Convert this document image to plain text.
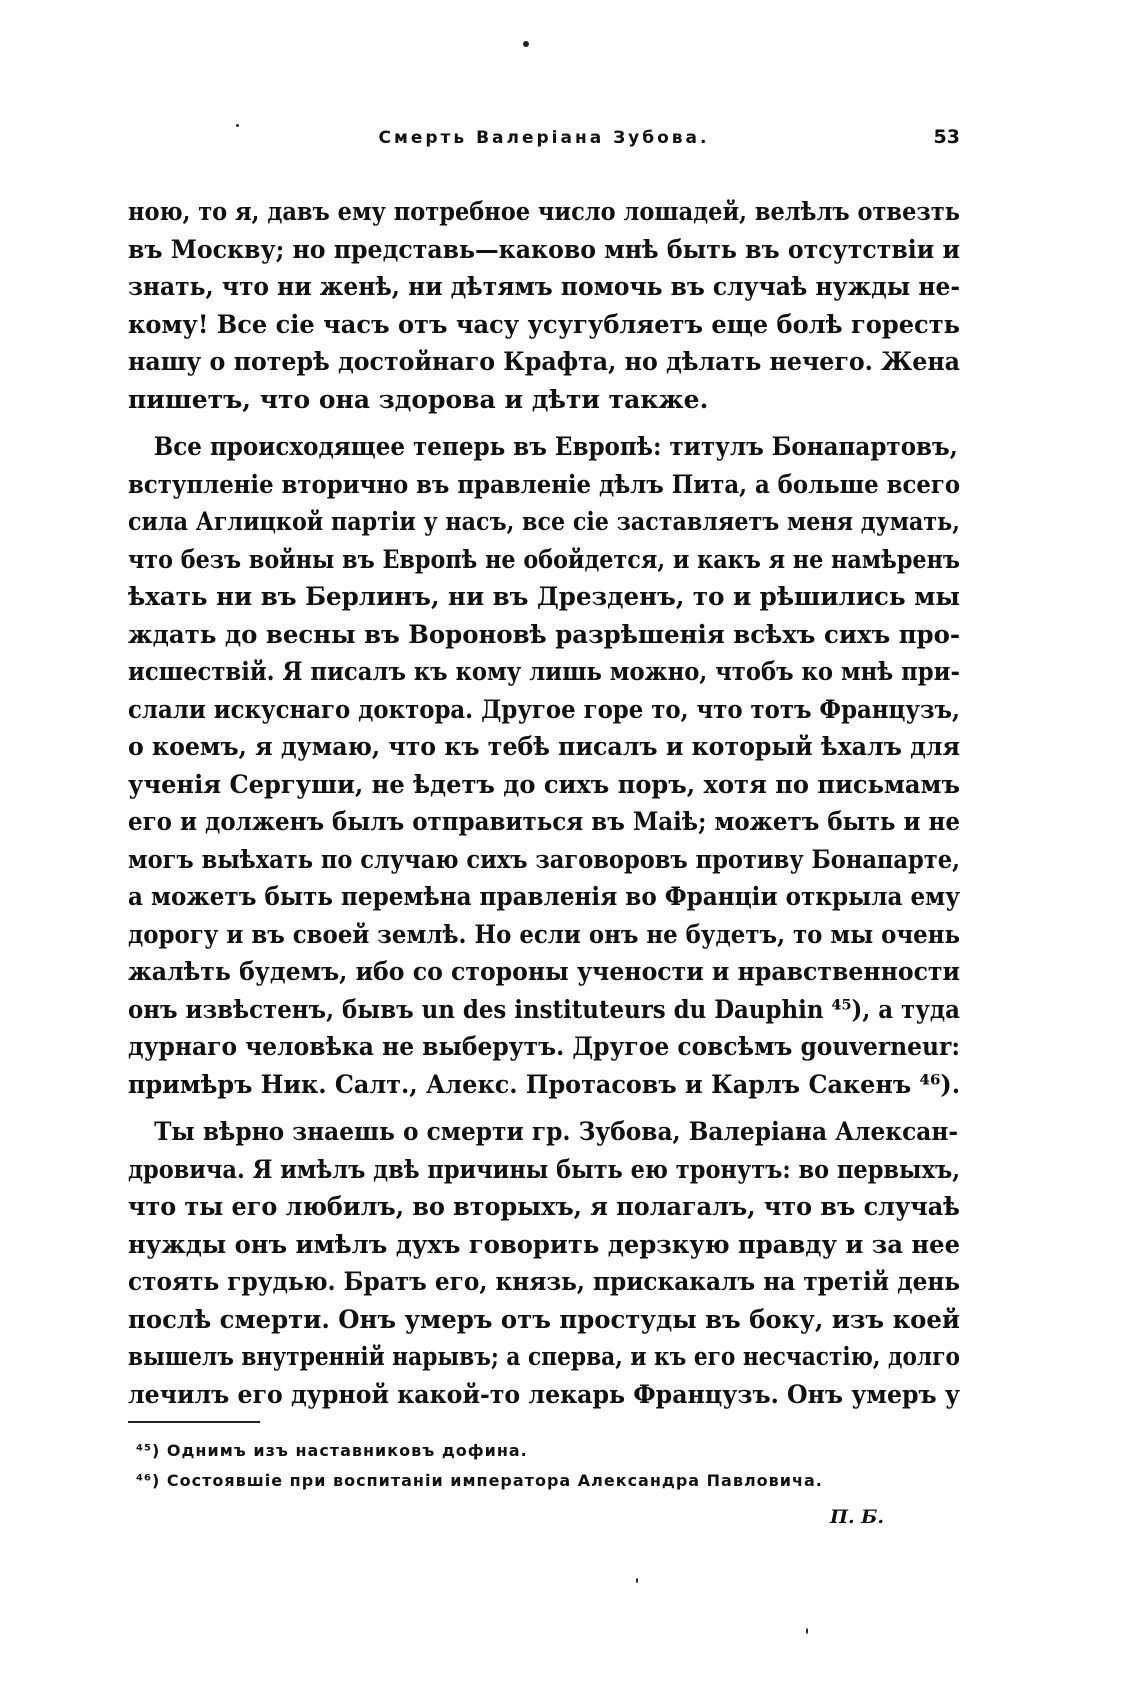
Смерть Валеріана Зубова.	53

ною, то я, давъ ему потребное число лошадей, велѣлъ отвезть
въ Москву; но представь—каково мнѣ быть въ отсутствіи и
знать, что ни женѣ, ни дѣтямъ помочь въ случаѣ нужды не-
кому! Все сіе часъ отъ часу усугубляетъ еще болѣ горесть
нашу о потерѣ достойнаго Крафта, но дѣлать нечего. Жена
пишетъ, что она здорова и дѣти также.

Все происходящее теперь въ Европѣ: титулъ Бонапартовъ,
вступленіе вторично въ правленіе дѣлъ Пита, а больше всего
сила Аглицкой партіи у насъ, все сіе заставляетъ меня думать,
что безъ войны въ Европѣ не обойдется, и какъ я не намѣренъ
ѣхать ни въ Берлинъ, ни въ Дрезденъ, то и рѣшились мы
ждать до весны въ Вороновѣ разрѣшенія всѣхъ сихъ про-
исшествій. Я писалъ къ кому лишь можно, чтобъ ко мнѣ при-
слали искуснаго доктора. Другое горе то, что тотъ Французъ,
о коемъ, я думаю, что къ тебѣ писалъ и который ѣхалъ для
ученія Сергуши, не ѣдетъ до сихъ поръ, хотя по письмамъ
его и долженъ былъ отправиться въ Маіѣ; можетъ быть и не
могъ выѣхать по случаю сихъ заговоровъ противу Бонапарте,
а можетъ быть перемѣна правленія во Франціи открыла ему
дорогу и въ своей землѣ. Но если онъ не будетъ, то мы очень
жалѣть будемъ, ибо со стороны учености и нравственности
онъ извѣстенъ, бывъ un des instituteurs du Dauphin ⁴⁵), а туда
дурнаго человѣка не выберутъ. Другое совсѣмъ gouverneur:
примѣръ Ник. Салт., Алекс. Протасовъ и Карлъ Сакенъ ⁴⁶).

Ты вѣрно знаешь о смерти гр. Зубова, Валеріана Алексан-
дровича. Я имѣлъ двѣ причины быть ею тронутъ: во первыхъ,
что ты его любилъ, во вторыхъ, я полагалъ, что въ случаѣ
нужды онъ имѣлъ духъ говорить дерзкую правду и за нее
стоять грудью. Братъ его, князь, прискакалъ на третій день
послѣ смерти. Онъ умеръ отъ простуды въ боку, изъ коей
вышелъ внутренній нарывъ; а сперва, и къ его несчастію, долго
лечилъ его дурной какой-то лекарь Французъ. Онъ умеръ у

⁴⁵) Однимъ изъ наставниковъ дофина.
⁴⁶) Состоявшіе при воспитаніи императора Александра Павловича.
П. Б.
